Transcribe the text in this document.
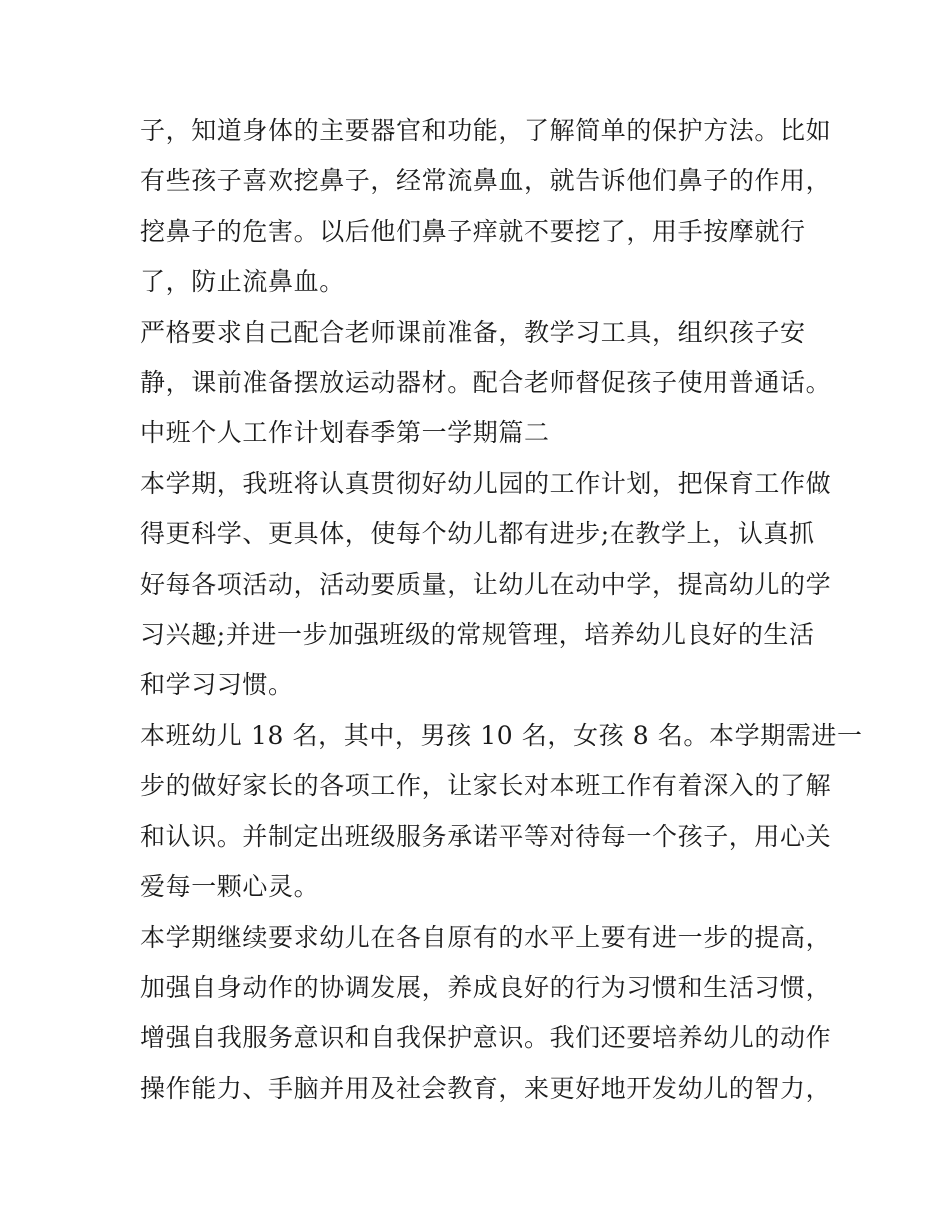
子，知道身体的主要器官和功能，了解简单的保护方法。比如
有些孩子喜欢挖鼻子，经常流鼻血，就告诉他们鼻子的作用，
挖鼻子的危害。以后他们鼻子痒就不要挖了，用手按摩就行
了，防止流鼻血。
严格要求自己配合老师课前准备，教学习工具，组织孩子安
静，课前准备摆放运动器材。配合老师督促孩子使用普通话。
中班个人工作计划春季第一学期篇二
本学期，我班将认真贯彻好幼儿园的工作计划，把保育工作做
得更科学、更具体，使每个幼儿都有进步;在教学上，认真抓
好每各项活动，活动要质量，让幼儿在动中学，提高幼儿的学
习兴趣;并进一步加强班级的常规管理，培养幼儿良好的生活
和学习习惯。
本班幼儿 18 名，其中，男孩 10 名，女孩 8 名。本学期需进一
步的做好家长的各项工作，让家长对本班工作有着深入的了解
和认识。并制定出班级服务承诺平等对待每一个孩子，用心关
爱每一颗心灵。
本学期继续要求幼儿在各自原有的水平上要有进一步的提高，
加强自身动作的协调发展，养成良好的行为习惯和生活习惯，
增强自我服务意识和自我保护意识。我们还要培养幼儿的动作
操作能力、手脑并用及社会教育，来更好地开发幼儿的智力，
